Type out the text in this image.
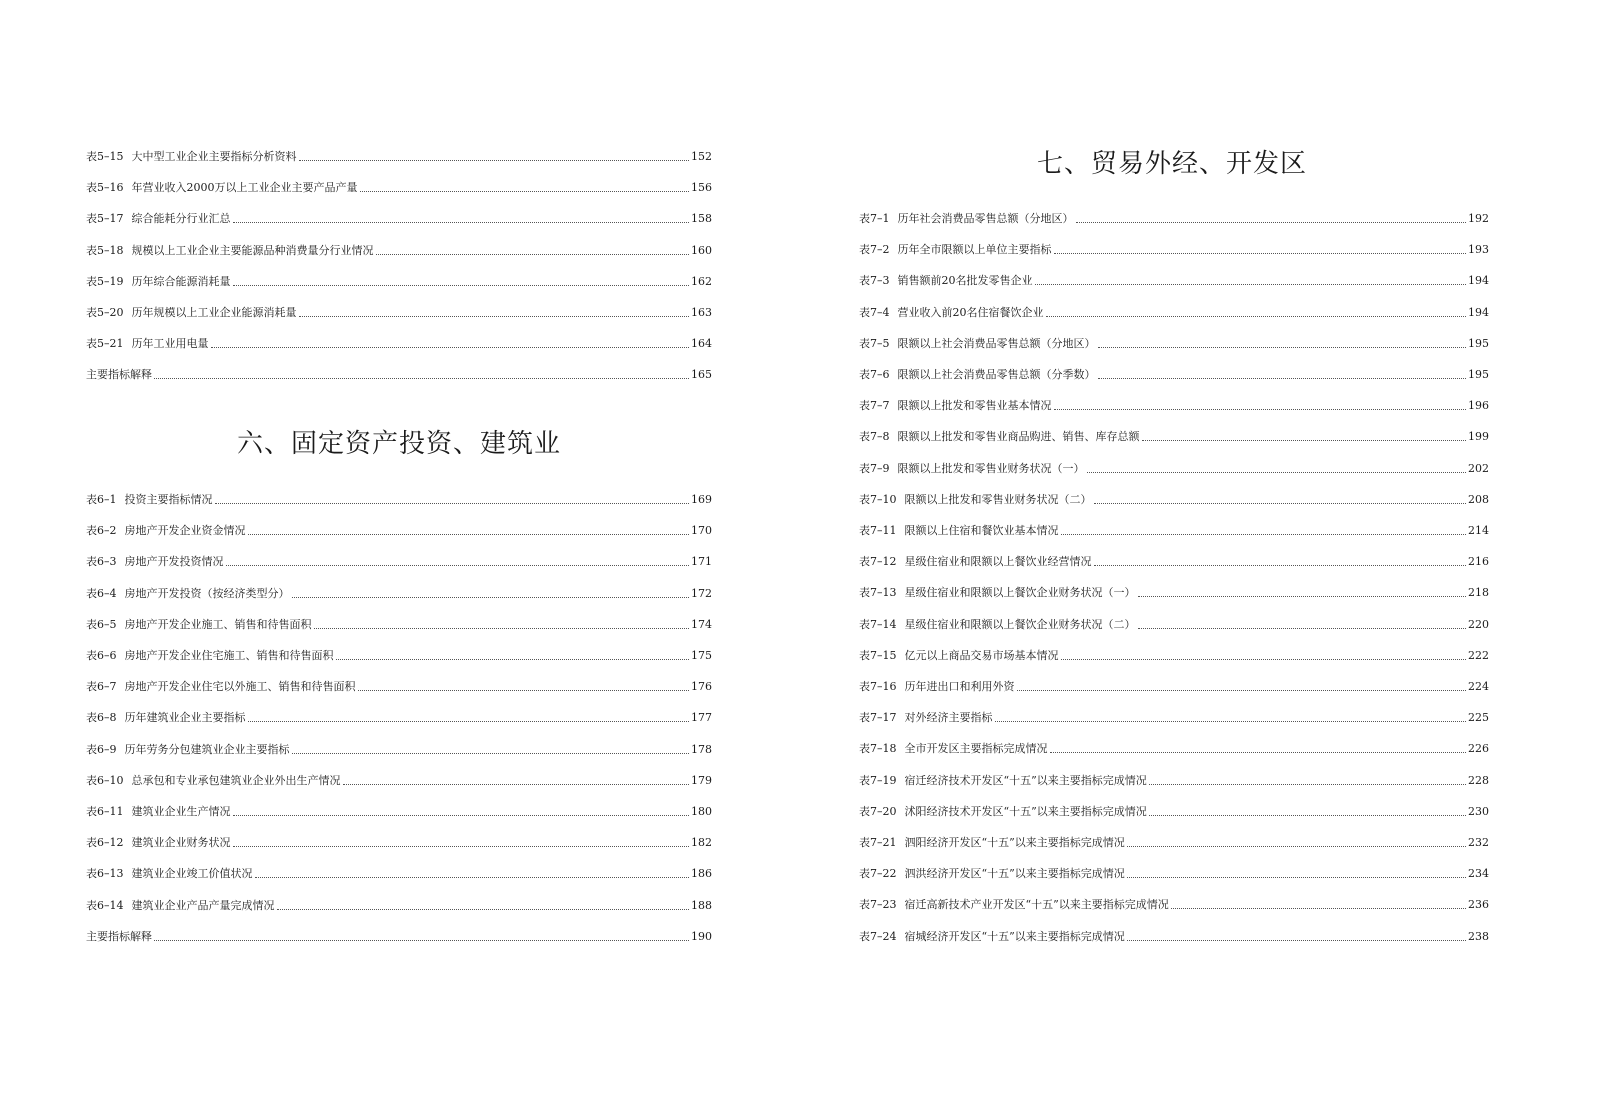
表5–15 大中型工业企业主要指标分析资料	152
表5–16 年营业收入2000万以上工业企业主要产品产量	156
表5–17 综合能耗分行业汇总	158
表5–18 规模以上工业企业主要能源品种消费量分行业情况	160
表5–19 历年综合能源消耗量	162
表5–20 历年规模以上工业企业能源消耗量	163
表5–21 历年工业用电量	164
主要指标解释	165
六、固定资产投资、建筑业
表6–1 投资主要指标情况	169
表6–2 房地产开发企业资金情况	170
表6–3 房地产开发投资情况	171
表6–4 房地产开发投资（按经济类型分）	172
表6–5 房地产开发企业施工、销售和待售面积	174
表6–6 房地产开发企业住宅施工、销售和待售面积	175
表6–7 房地产开发企业住宅以外施工、销售和待售面积	176
表6–8 历年建筑业企业主要指标	177
表6–9 历年劳务分包建筑业企业主要指标	178
表6–10 总承包和专业承包建筑业企业外出生产情况	179
表6–11 建筑业企业生产情况	180
表6–12 建筑业企业财务状况	182
表6–13 建筑业企业竣工价值状况	186
表6–14 建筑业企业产品产量完成情况	188
主要指标解释	190
七、贸易外经、开发区
表7–1 历年社会消费品零售总额（分地区）	192
表7–2 历年全市限额以上单位主要指标	193
表7–3 销售额前20名批发零售企业	194
表7–4 营业收入前20名住宿餐饮企业	194
表7–5 限额以上社会消费品零售总额（分地区）	195
表7–6 限额以上社会消费品零售总额（分季数）	195
表7–7 限额以上批发和零售业基本情况	196
表7–8 限额以上批发和零售业商品购进、销售、库存总额	199
表7–9 限额以上批发和零售业财务状况（一）	202
表7–10 限额以上批发和零售业财务状况（二）	208
表7–11 限额以上住宿和餐饮业基本情况	214
表7–12 星级住宿业和限额以上餐饮业经营情况	216
表7–13 星级住宿业和限额以上餐饮企业财务状况（一）	218
表7–14 星级住宿业和限额以上餐饮企业财务状况（二）	220
表7–15 亿元以上商品交易市场基本情况	222
表7–16 历年进出口和利用外资	224
表7–17 对外经济主要指标	225
表7–18 全市开发区主要指标完成情况	226
表7–19 宿迁经济技术开发区“十五”以来主要指标完成情况	228
表7–20 沭阳经济技术开发区“十五”以来主要指标完成情况	230
表7–21 泗阳经济开发区“十五”以来主要指标完成情况	232
表7–22 泗洪经济开发区“十五”以来主要指标完成情况	234
表7–23 宿迁高新技术产业开发区“十五”以来主要指标完成情况	236
表7–24 宿城经济开发区“十五”以来主要指标完成情况	238
